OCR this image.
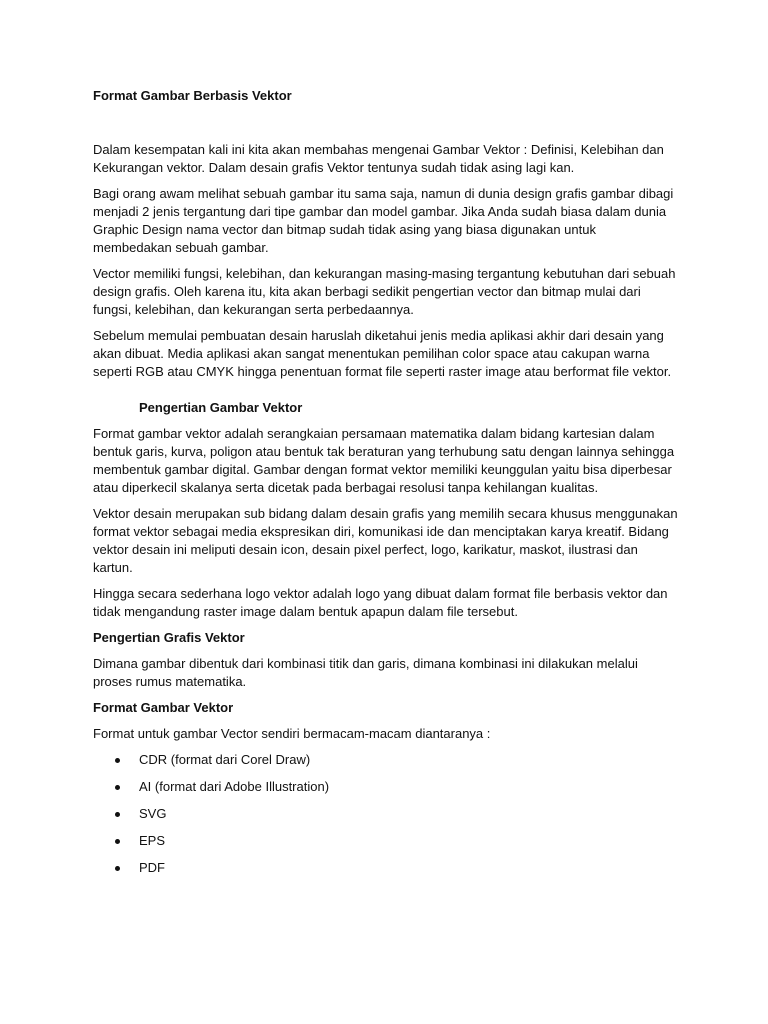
Format Gambar Berbasis Vektor

Dalam kesempatan kali ini kita akan membahas mengenai Gambar Vektor : Definisi, Kelebihan dan Kekurangan vektor. Dalam desain grafis Vektor tentunya sudah tidak asing lagi kan.

Bagi orang awam melihat sebuah gambar itu sama saja, namun di dunia design grafis gambar dibagi menjadi 2 jenis tergantung dari tipe gambar dan model gambar. Jika Anda sudah biasa dalam dunia Graphic Design nama vector dan bitmap sudah tidak asing yang biasa digunakan untuk membedakan sebuah gambar.

Vector memiliki fungsi, kelebihan, dan kekurangan masing-masing tergantung kebutuhan dari sebuah design grafis. Oleh karena itu, kita akan berbagi sedikit pengertian vector dan bitmap mulai dari fungsi, kelebihan, dan kekurangan serta perbedaannya.

Sebelum memulai pembuatan desain haruslah diketahui jenis media aplikasi akhir dari desain yang akan dibuat. Media aplikasi akan sangat menentukan pemilihan color space atau cakupan warna seperti RGB atau CMYK hingga penentuan format file seperti raster image atau berformat file vektor.

Pengertian Gambar Vektor

Format gambar vektor adalah serangkaian persamaan matematika dalam bidang kartesian dalam bentuk garis, kurva, poligon atau bentuk tak beraturan yang terhubung satu dengan lainnya sehingga membentuk gambar digital. Gambar dengan format vektor memiliki keunggulan yaitu bisa diperbesar atau diperkecil skalanya serta dicetak pada berbagai resolusi tanpa kehilangan kualitas.

Vektor desain merupakan sub bidang dalam desain grafis yang memilih secara khusus menggunakan format vektor sebagai media ekspresikan diri, komunikasi ide dan menciptakan karya kreatif. Bidang vektor desain ini meliputi desain icon, desain pixel perfect, logo, karikatur, maskot, ilustrasi dan kartun.

Hingga secara sederhana logo vektor adalah logo yang dibuat dalam format file berbasis vektor dan tidak mengandung raster image dalam bentuk apapun dalam file tersebut.

Pengertian Grafis Vektor

Dimana gambar dibentuk dari kombinasi titik dan garis, dimana kombinasi ini dilakukan melalui proses rumus matematika.

Format Gambar Vektor

Format untuk gambar Vector sendiri bermacam-macam diantaranya :

CDR (format dari Corel Draw)
AI (format dari Adobe Illustration)
SVG
EPS
PDF
